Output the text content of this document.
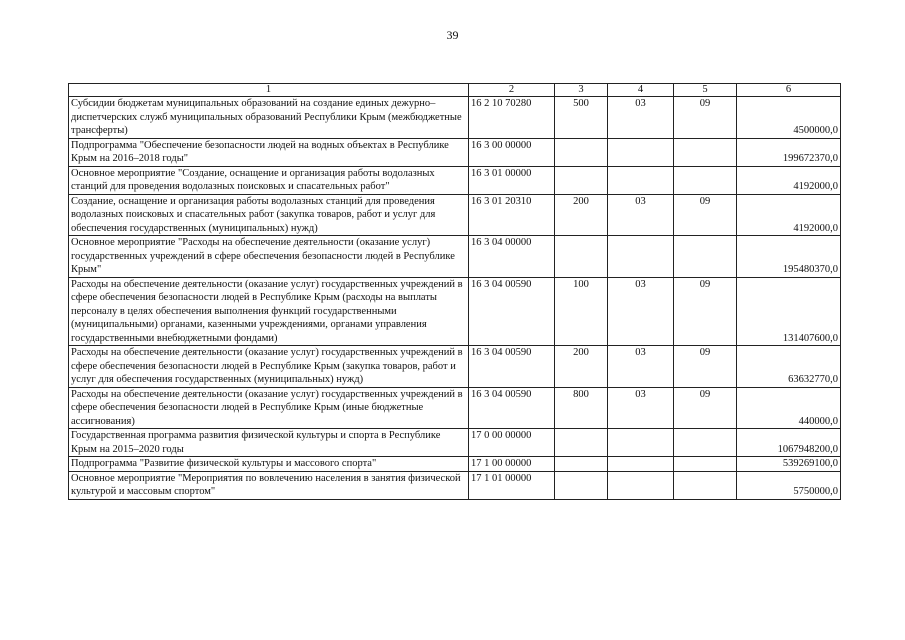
39
1	2	3	4	5	6
Субсидии бюджетам муниципальных образований на создание единых дежурно–диспетчерских служб муниципальных образований Республики Крым (межбюджетные трансферты)	16 2 10 70280	500	03	09	4500000,0
Подпрограмма "Обеспечение безопасности людей на водных объектах в Республике Крым на 2016–2018 годы"	16 3 00 00000				199672370,0
Основное мероприятие "Создание, оснащение и организация работы водолазных станций для проведения водолазных поисковых и спасательных работ"	16 3 01 00000				4192000,0
Создание, оснащение и организация работы водолазных станций для проведения водолазных поисковых и спасательных работ (закупка товаров, работ и услуг для обеспечения государственных (муниципальных) нужд)	16 3 01 20310	200	03	09	4192000,0
Основное мероприятие "Расходы на обеспечение деятельности (оказание услуг) государственных учреждений в сфере обеспечения безопасности людей в Республике Крым"	16 3 04 00000				195480370,0
Расходы на обеспечение деятельности (оказание услуг) государственных учреждений в сфере обеспечения безопасности людей в Республике Крым (расходы на выплаты персоналу в целях обеспечения выполнения функций государственными (муниципальными) органами, казенными учреждениями, органами управления государственными внебюджетными фондами)	16 3 04 00590	100	03	09	131407600,0
Расходы на обеспечение деятельности (оказание услуг) государственных учреждений в сфере обеспечения безопасности людей в Республике Крым (закупка товаров, работ и услуг для обеспечения государственных (муниципальных) нужд)	16 3 04 00590	200	03	09	63632770,0
Расходы на обеспечение деятельности (оказание услуг) государственных учреждений в сфере обеспечения безопасности людей в Республике Крым (иные бюджетные ассигнования)	16 3 04 00590	800	03	09	440000,0
Государственная программа развития физической культуры и спорта в Республике Крым на 2015–2020 годы	17 0 00 00000				1067948200,0
Подпрограмма "Развитие физической культуры и массового спорта"	17 1 00 00000				539269100,0
Основное мероприятие "Мероприятия по вовлечению населения в занятия физической культурой и массовым спортом"	17 1 01 00000				5750000,0
